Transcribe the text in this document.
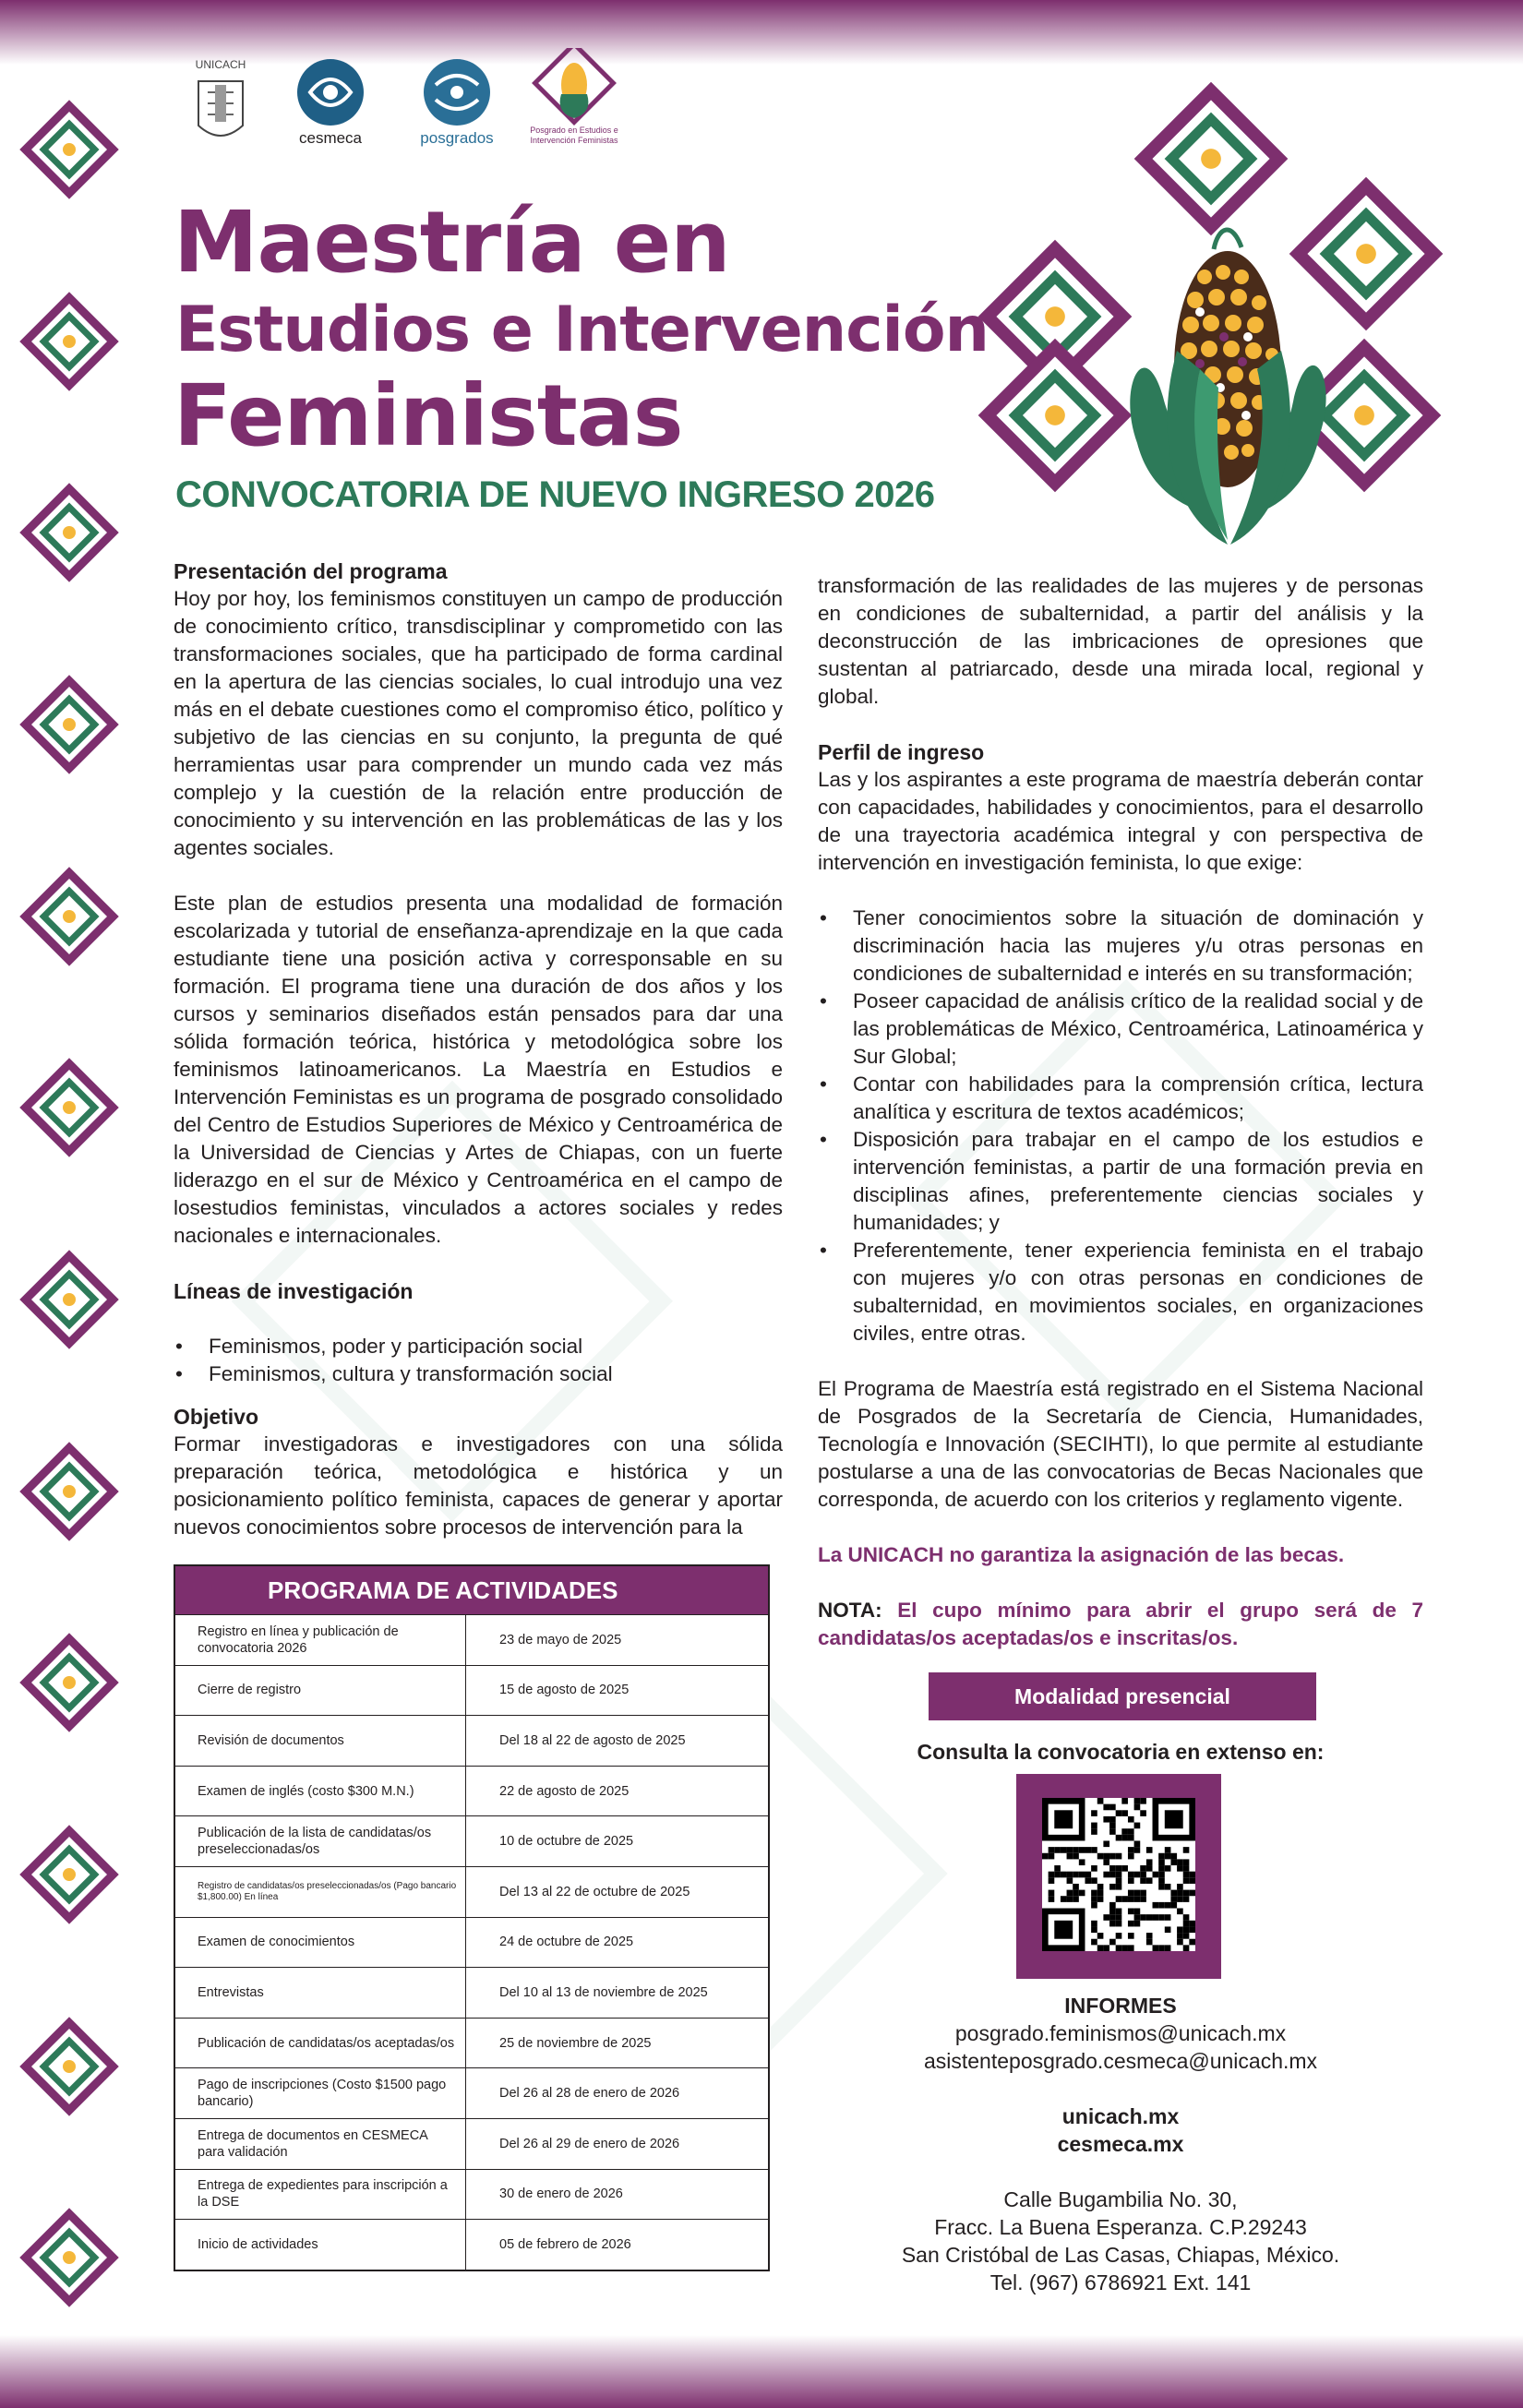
UNICACH
cesmeca	posgrados	Posgrado en Estudios e Intervención Feministas
Maestría en
Estudios e Intervención
Feministas
CONVOCATORIA DE NUEVO INGRESO 2026

Presentación del programa

Hoy por hoy, los feminismos constituyen un campo de producción de conocimiento crítico, transdisciplinar y comprometido con las transformaciones sociales, que ha participado de forma cardinal en la apertura de las ciencias sociales, lo cual introdujo una vez más en el debate cuestiones como el compromiso ético, político y subjetivo de las ciencias en su conjunto, la pregunta de qué herramientas usar para comprender un mundo cada vez más complejo y la cuestión de la relación entre producción de conocimiento y su intervención en las problemáticas de las y los agentes sociales.

Este plan de estudios presenta una modalidad de formación escolarizada y tutorial de enseñanza-aprendizaje en la que cada estudiante tiene una posición activa y corresponsable en su formación. El programa tiene una duración de dos años y los cursos y seminarios diseñados están pensados para dar una sólida formación teórica, histórica y metodológica sobre los feminismos latinoamericanos. La Maestría en Estudios e Intervención Feministas es un programa de posgrado consolidado del Centro de Estudios Superiores de México y Centroamérica de la Universidad de Ciencias y Artes de Chiapas, con un fuerte liderazgo en el sur de México y Centroamérica en el campo de losestudios feministas, vinculados a actores sociales y redes nacionales e internacionales.

Líneas de investigación

• Feminismos, poder y participación social
• Feminismos, cultura y transformación social

Objetivo

Formar investigadoras e investigadores con una sólida preparación teórica, metodológica e histórica y un posicionamiento político feminista, capaces de generar y aportar nuevos conocimientos sobre procesos de intervención para la

transformación de las realidades de las mujeres y de personas en condiciones de subalternidad, a partir del análisis y la deconstrucción de las imbricaciones de opresiones que sustentan al patriarcado, desde una mirada local, regional y global.

Perfil de ingreso

Las y los aspirantes a este programa de maestría deberán contar con capacidades, habilidades y conocimientos, para el desarrollo de una trayectoria académica integral y con perspectiva de intervención en investigación feminista, lo que exige:

• Tener conocimientos sobre la situación de dominación y discriminación hacia las mujeres y/u otras personas en condiciones de subalternidad e interés en su transformación;
• Poseer capacidad de análisis crítico de la realidad social y de las problemáticas de México, Centroamérica, Latinoamérica y Sur Global;
• Contar con habilidades para la comprensión crítica, lectura analítica y escritura de textos académicos;
• Disposición para trabajar en el campo de los estudios e intervención feministas, a partir de una formación previa en disciplinas afines, preferentemente ciencias sociales y humanidades; y
• Preferentemente, tener experiencia feminista en el trabajo con mujeres y/o con otras personas en condiciones de subalternidad, en movimientos sociales, en organizaciones civiles, entre otras.

El Programa de Maestría está registrado en el Sistema Nacional de Posgrados de la Secretaría de Ciencia, Humanidades, Tecnología e Innovación (SECIHTI), lo que permite al estudiante postularse a una de las convocatorias de Becas Nacionales que corresponda, de acuerdo con los criterios y reglamento vigente.

La UNICACH no garantiza la asignación de las becas.

NOTA: El cupo mínimo para abrir el grupo será de 7 candidatas/os aceptadas/os e inscritas/os.

PROGRAMA DE ACTIVIDADES
Registro en línea y publicación de convocatoria 2026	23 de mayo de 2025
Cierre de registro	15 de agosto de 2025
Revisión de documentos	Del 18 al 22 de agosto de 2025
Examen de inglés (costo $300 M.N.)	22 de agosto de 2025
Publicación de la lista de candidatas/os preseleccionadas/os	10 de octubre de 2025
Registro de candidatas/os preseleccionadas/os (Pago bancario $1,800.00) En línea	Del 13 al 22 de octubre de 2025
Examen de conocimientos	24 de octubre de 2025
Entrevistas	Del 10 al 13 de noviembre de 2025
Publicación de candidatas/os aceptadas/os	25 de noviembre de 2025
Pago de inscripciones (Costo $1500 pago bancario)	Del 26 al 28 de enero de 2026
Entrega de documentos en CESMECA para validación	Del 26 al 29 de enero de 2026
Entrega de expedientes para inscripción a la DSE	30 de enero de 2026
Inicio de actividades	05 de febrero de 2026
Modalidad presencial
Consulta la convocatoria en extenso en:

INFORMES

posgrado.feminismos@unicach.mx

asistenteposgrado.cesmeca@unicach.mx

unicach.mx

cesmeca.mx

Calle Bugambilia No. 30,

Fracc. La Buena Esperanza. C.P.29243

San Cristóbal de Las Casas, Chiapas, México.

Tel. (967) 6786921 Ext. 141
